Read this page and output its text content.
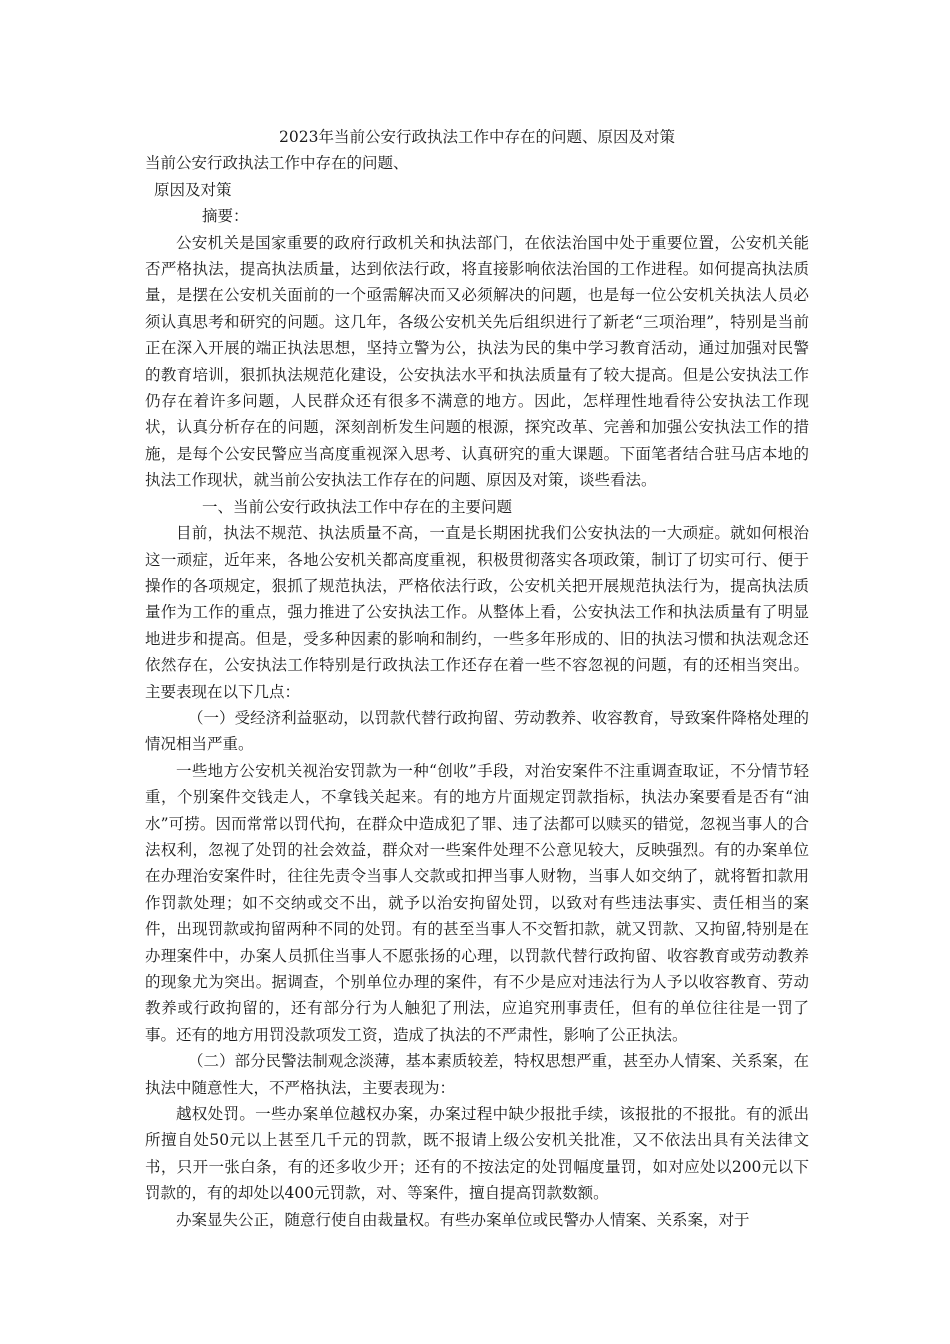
2023年当前公安行政执法工作中存在的问题、原因及对策

当前公安行政执法工作中存在的问题、

原因及对策

摘要：

公安机关是国家重要的政府行政机关和执法部门，在依法治国中处于重要位置，公安机关能否严格执法，提高执法质量，达到依法行政，将直接影响依法治国的工作进程。如何提高执法质量，是摆在公安机关面前的一个亟需解决而又必须解决的问题，也是每一位公安机关执法人员必须认真思考和研究的问题。这几年，各级公安机关先后组织进行了新老“三项治理”，特别是当前正在深入开展的端正执法思想，坚持立警为公，执法为民的集中学习教育活动，通过加强对民警的教育培训，狠抓执法规范化建设，公安执法水平和执法质量有了较大提高。但是公安执法工作仍存在着许多问题，人民群众还有很多不满意的地方。因此，怎样理性地看待公安执法工作现状，认真分析存在的问题，深刻剖析发生问题的根源，探究改革、完善和加强公安执法工作的措施，是每个公安民警应当高度重视深入思考、认真研究的重大课题。下面笔者结合驻马店本地的执法工作现状，就当前公安执法工作存在的问题、原因及对策，谈些看法。

一、当前公安行政执法工作中存在的主要问题

目前，执法不规范、执法质量不高，一直是长期困扰我们公安执法的一大顽症。就如何根治这一顽症，近年来，各地公安机关都高度重视，积极贯彻落实各项政策，制订了切实可行、便于操作的各项规定，狠抓了规范执法，严格依法行政，公安机关把开展规范执法行为，提高执法质量作为工作的重点，强力推进了公安执法工作。从整体上看，公安执法工作和执法质量有了明显地进步和提高。但是，受多种因素的影响和制约，一些多年形成的、旧的执法习惯和执法观念还依然存在，公安执法工作特别是行政执法工作还存在着一些不容忽视的问题，有的还相当突出。主要表现在以下几点：

（一）受经济利益驱动，以罚款代替行政拘留、劳动教养、收容教育，导致案件降格处理的情况相当严重。

一些地方公安机关视治安罚款为一种“创收”手段，对治安案件不注重调查取证，不分情节轻重，个别案件交钱走人，不拿钱关起来。有的地方片面规定罚款指标，执法办案要看是否有“油水”可捞。因而常常以罚代拘，在群众中造成犯了罪、违了法都可以赎买的错觉，忽视当事人的合法权利，忽视了处罚的社会效益，群众对一些案件处理不公意见较大，反映强烈。有的办案单位在办理治安案件时，往往先责令当事人交款或扣押当事人财物，当事人如交纳了，就将暂扣款用作罚款处理；如不交纳或交不出，就予以治安拘留处罚，以致对有些违法事实、责任相当的案件，出现罚款或拘留两种不同的处罚。有的甚至当事人不交暂扣款，就又罚款、又拘留,特别是在办理案件中，办案人员抓住当事人不愿张扬的心理，以罚款代替行政拘留、收容教育或劳动教养的现象尤为突出。据调查，个别单位办理的案件，有不少是应对违法行为人予以收容教育、劳动教养或行政拘留的，还有部分行为人触犯了刑法，应追究刑事责任，但有的单位往往是一罚了事。还有的地方用罚没款项发工资，造成了执法的不严肃性，影响了公正执法。

（二）部分民警法制观念淡薄，基本素质较差，特权思想严重，甚至办人情案、关系案，在执法中随意性大，不严格执法，主要表现为：

越权处罚。一些办案单位越权办案，办案过程中缺少报批手续，该报批的不报批。有的派出所擅自处50元以上甚至几千元的罚款，既不报请上级公安机关批准，又不依法出具有关法律文书，只开一张白条，有的还多收少开；还有的不按法定的处罚幅度量罚，如对应处以200元以下罚款的，有的却处以400元罚款，对、等案件，擅自提高罚款数额。

办案显失公正，随意行使自由裁量权。有些办案单位或民警办人情案、关系案，对于
